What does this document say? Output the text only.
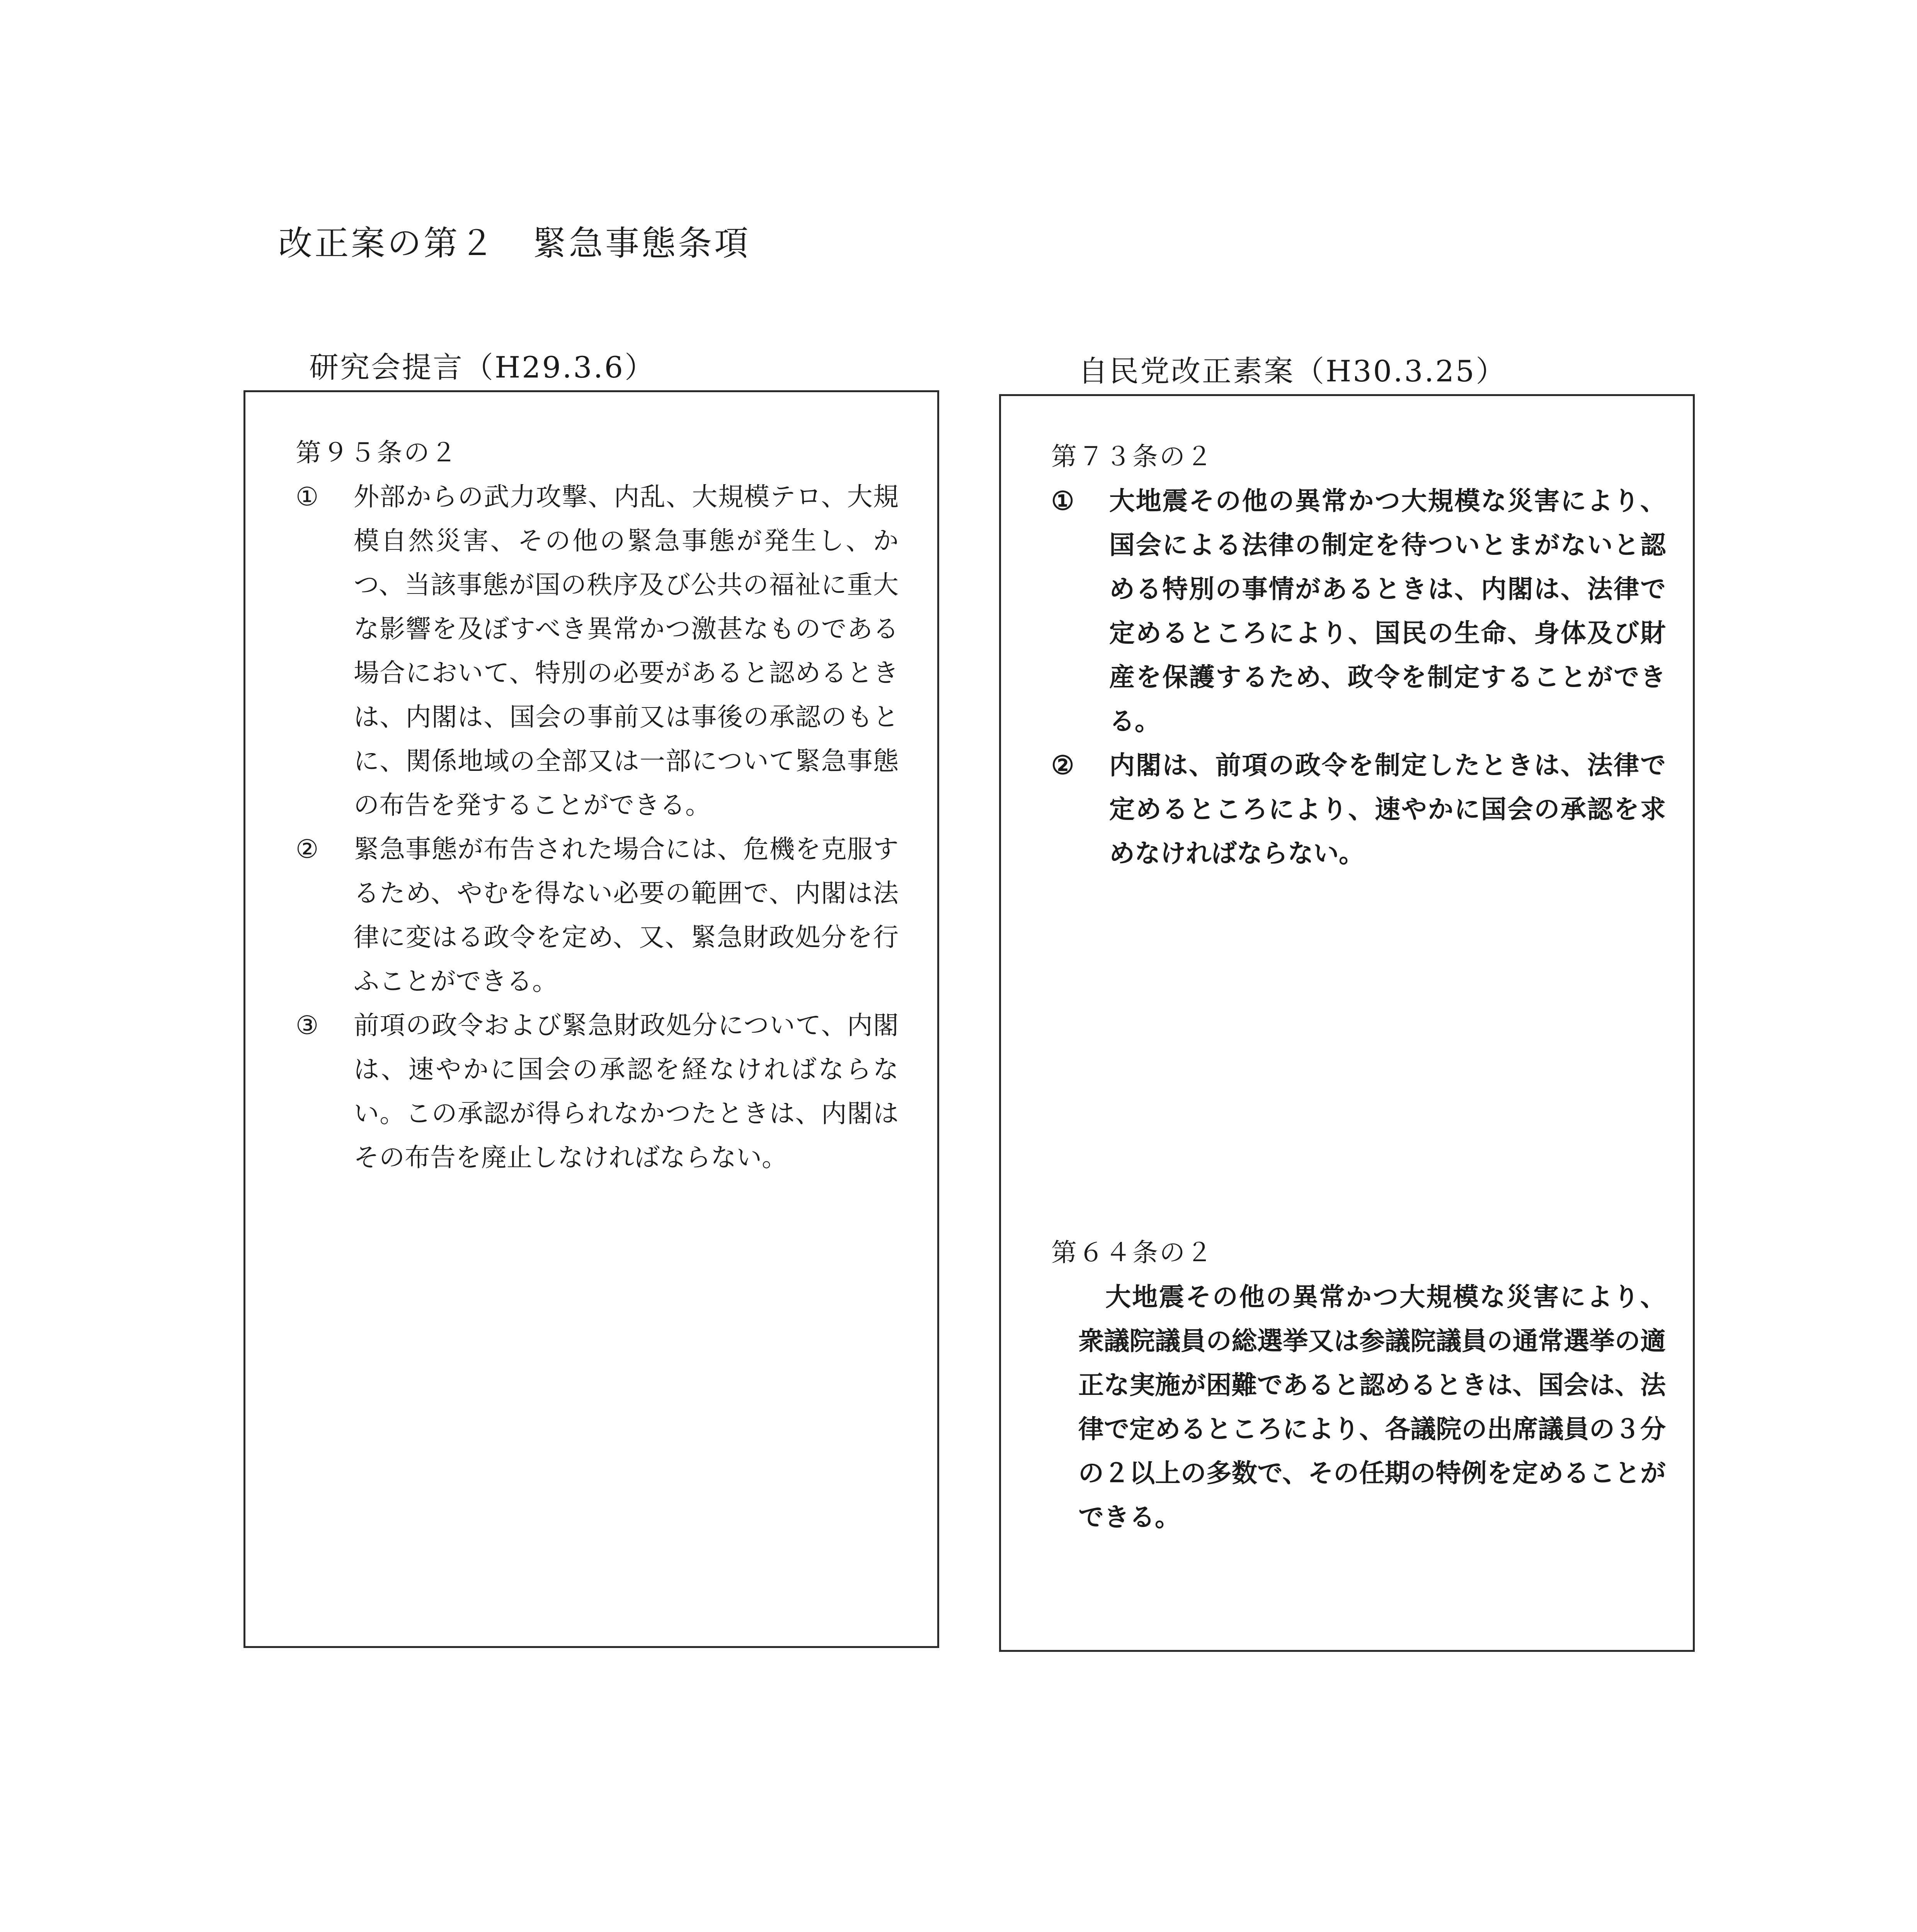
改正案の第２　緊急事態条項
研究会提言（H29.3.6）	自民党改正素案（H30.3.25）
第９５条の２
①	外部からの武力攻撃、内乱、大規模テロ、大規模自然災害、その他の緊急事態が発生し、かつ、当該事態が国の秩序及び公共の福祉に重大な影響を及ぼすべき異常かつ激甚なものである場合において、特別の必要があると認めるときは、内閣は、国会の事前又は事後の承認のもとに、関係地域の全部又は一部について緊急事態の布告を発することができる。
②	緊急事態が布告された場合には、危機を克服するため、やむを得ない必要の範囲で、内閣は法律に変はる政令を定め、又、緊急財政処分を行ふことができる。
③	前項の政令および緊急財政処分について、内閣は、速やかに国会の承認を経なければならない。この承認が得られなかつたときは、内閣はその布告を廃止しなければならない。
第７３条の２
①	大地震その他の異常かつ大規模な災害により、国会による法律の制定を待ついとまがないと認める特別の事情があるときは、内閣は、法律で定めるところにより、国民の生命、身体及び財産を保護するため、政令を制定することができる。
②	内閣は、前項の政令を制定したときは、法律で定めるところにより、速やかに国会の承認を求めなければならない。
第６４条の２
大地震その他の異常かつ大規模な災害により、衆議院議員の総選挙又は参議院議員の通常選挙の適正な実施が困難であると認めるときは、国会は、法律で定めるところにより、各議院の出席議員の３分の２以上の多数で、その任期の特例を定めることができる。
